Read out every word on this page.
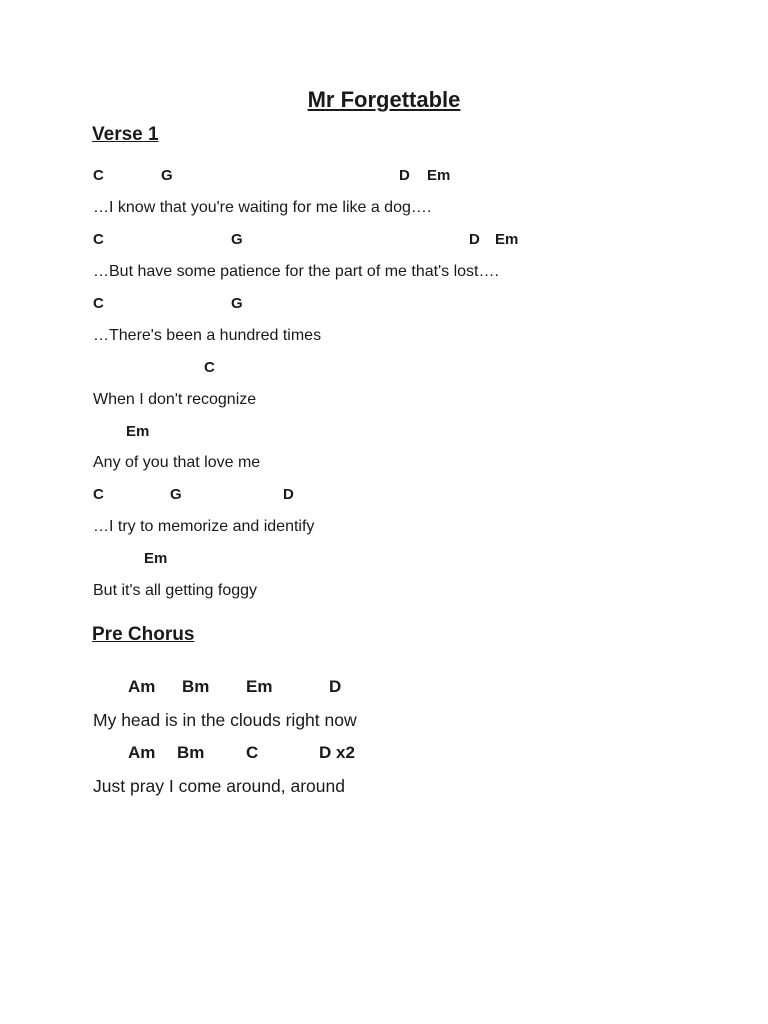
Mr Forgettable
Verse 1
C	G	D Em

…I know that you're waiting for me like a dog….

C	G	D Em

…But have some patience for the part of me that's lost….

C	G

…There's been a hundred times

C

When I don't recognize

Em

Any of you that love me

C	G	D

…I try to memorize and identify

Em

But it's all getting foggy

Pre Chorus
Am Bm Em	D

My head is in the clouds right now

Am Bm C	D x2

Just pray I come around, around
